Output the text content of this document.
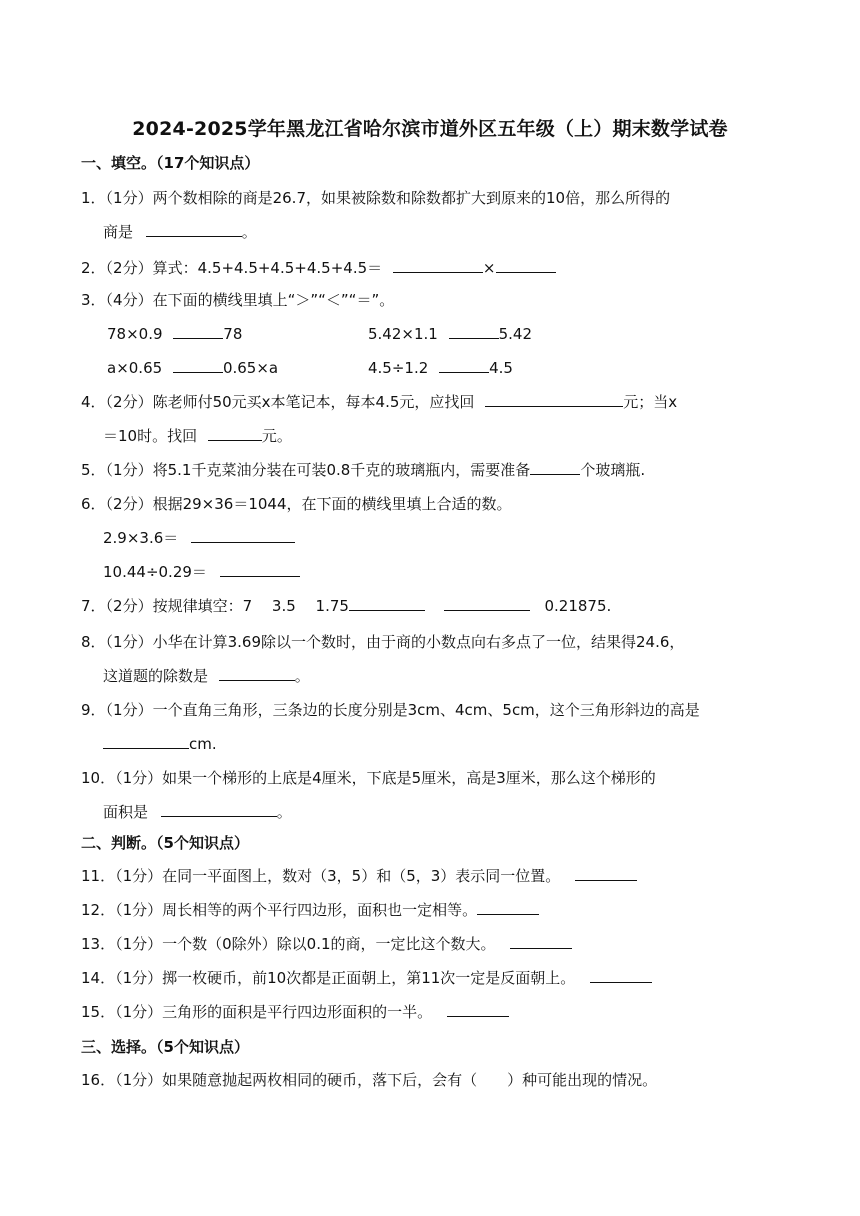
2024-2025学年黑龙江省哈尔滨市道外区五年级（上）期末数学试卷
一、填空。（17个知识点）
1．（1分）两个数相除的商是26.7，如果被除数和除数都扩大到原来的10倍，那么所得的
商是	。
2．（2分）算式：4.5+4.5+4.5+4.5+4.5＝	×
3．（4分）在下面的横线里填上“＞”“＜”“＝”。
78×0.9	78	5.42×1.1	5.42
a×0.65	0.65×a	4.5÷1.2	4.5
4．（2分）陈老师付50元买x本笔记本，每本4.5元，应找回	元；当x
＝10时。找回	元。
5．（1分）将5.1千克菜油分装在可装0.8千克的玻璃瓶内，需要准备	个玻璃瓶.
6．（2分）根据29×36＝1044，在下面的横线里填上合适的数。
2.9×3.6＝
10.44÷0.29＝
7．（2分）按规律填空：7　 3.5　 1.75	0.21875.
8．（1分）小华在计算3.69除以一个数时，由于商的小数点向右多点了一位，结果得24.6，
这道题的除数是	。
9．（1分）一个直角三角形，三条边的长度分别是3cm、4cm、5cm，这个三角形斜边的高是
cm.
10．（1分）如果一个梯形的上底是4厘米，下底是5厘米，高是3厘米，那么这个梯形的
面积是	。
二、判断。（5个知识点）
11．（1分）在同一平面图上，数对（3，5）和（5，3）表示同一位置。
12．（1分）周长相等的两个平行四边形，面积也一定相等。
13．（1分）一个数（0除外）除以0.1的商，一定比这个数大。
14．（1分）掷一枚硬币，前10次都是正面朝上，第11次一定是反面朝上。
15．（1分）三角形的面积是平行四边形面积的一半。
三、选择。（5个知识点）
16．（1分）如果随意抛起两枚相同的硬币，落下后，会有（　　）种可能出现的情况。
